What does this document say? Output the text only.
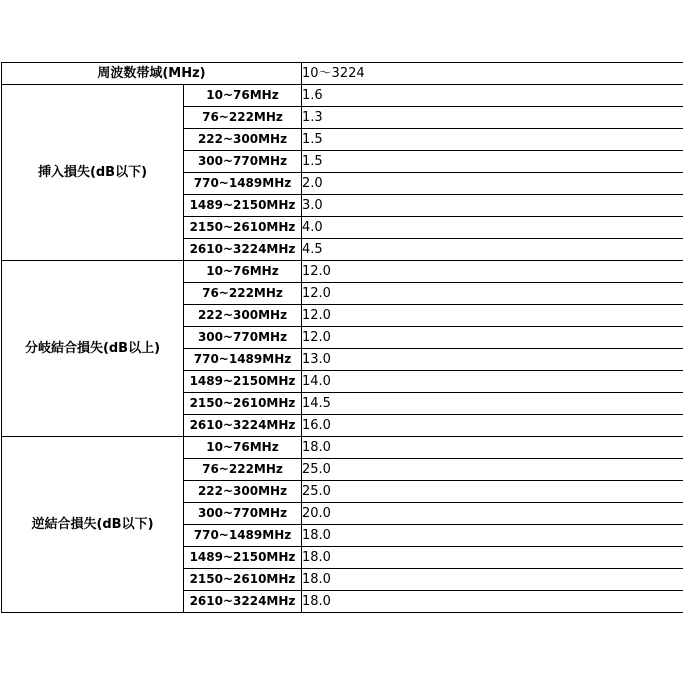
周波数帯域(MHz)		10～3224
挿入損失(dB以下)	10~76MHz	1.6
	76~222MHz	1.3
	222~300MHz	1.5
	300~770MHz	1.5
	770~1489MHz	2.0
	1489~2150MHz	3.0
	2150~2610MHz	4.0
	2610~3224MHz	4.5
分岐結合損失(dB以上)	10~76MHz	12.0
	76~222MHz	12.0
	222~300MHz	12.0
	300~770MHz	12.0
	770~1489MHz	13.0
	1489~2150MHz	14.0
	2150~2610MHz	14.5
	2610~3224MHz	16.0
逆結合損失(dB以下)	10~76MHz	18.0
	76~222MHz	25.0
	222~300MHz	25.0
	300~770MHz	20.0
	770~1489MHz	18.0
	1489~2150MHz	18.0
	2150~2610MHz	18.0
	2610~3224MHz	18.0
